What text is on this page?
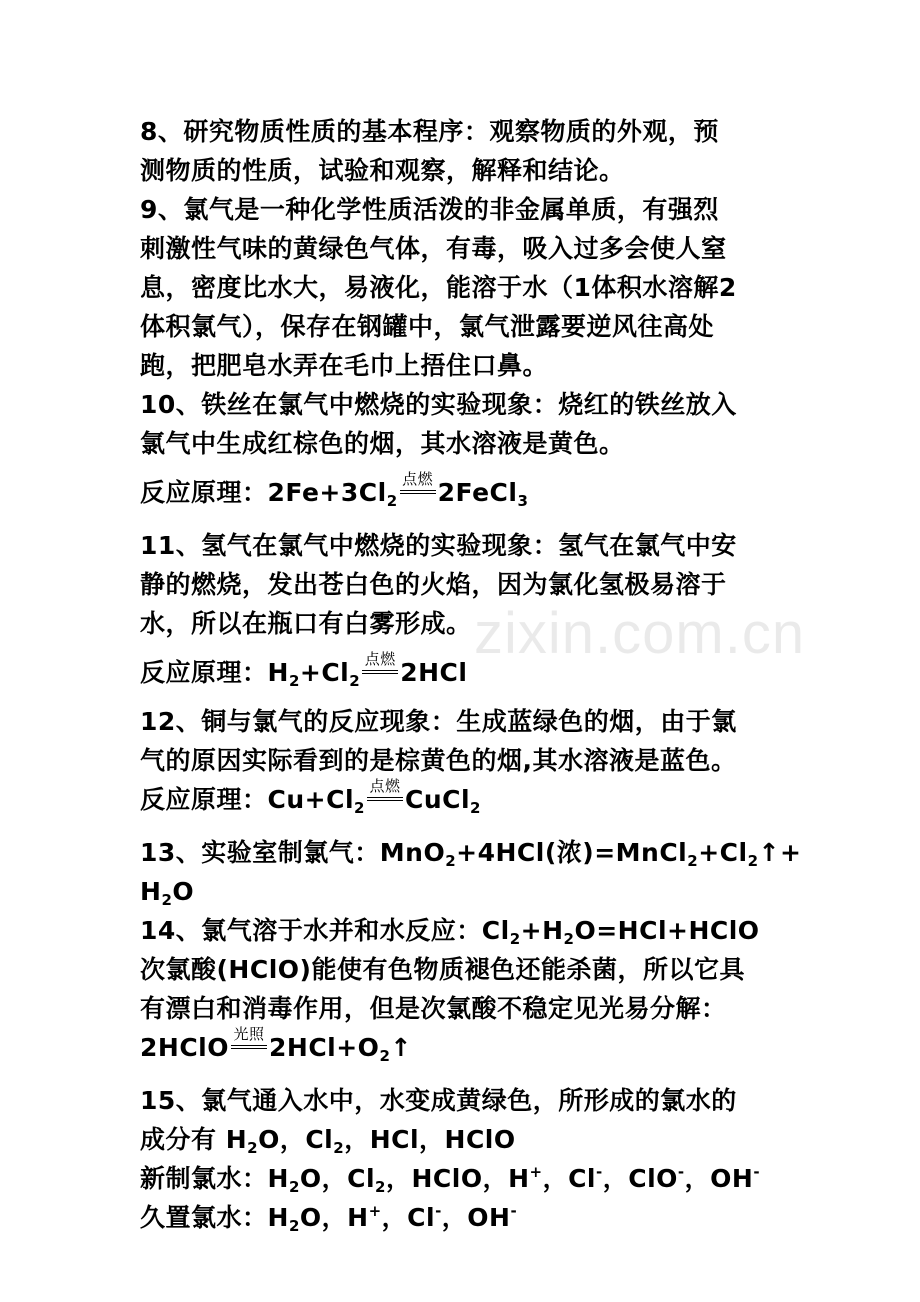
8、研究物质性质的基本程序：观察物质的外观，预
测物质的性质，试验和观察，解释和结论。
9、氯气是一种化学性质活泼的非金属单质，有强烈
刺激性气味的黄绿色气体，有毒，吸入过多会使人窒
息，密度比水大，易液化，能溶于水（1体积水溶解2
体积氯气），保存在钢罐中，氯气泄露要逆风往高处
跑，把肥皂水弄在毛巾上捂住口鼻。
10、铁丝在氯气中燃烧的实验现象：烧红的铁丝放入
氯气中生成红棕色的烟，其水溶液是黄色。
反应原理：$2Fe+3Cl_2$
点燃 2FeCl$_3$
11、氢气在氯气中燃烧的实验现象：氢气在氯气中安
静的燃烧，发出苍白色的火焰，因为氯化氢极易溶于
水，所以在瓶口有白雾形成。
反应原理：$H_2+Cl_2$
点燃 2HCl
12、铜与氯气的反应现象：生成蓝绿色的烟，由于氯
气的原因实际看到的是棕黄色的烟,其水溶液是蓝色。
反应原理：$Cu+Cl_2$
点燃 CuCl$_2$
13、实验室制氯气：MnO$_2$+4HCl(浓)$=MnCl_2+Cl_2↑+$
$H_2O$
14、氯气溶于水并和水反应：$Cl_2+H_2O=HCl+HClO$
次氯酸(HClO)能使有色物质褪色还能杀菌，所以它具
有漂白和消毒作用，但是次氯酸不稳定见光易分解：
2HClO 光照 $2HCl+O_2↑$
15、氯气通入水中，水变成黄绿色，所形成的氯水的
成分有 $H_2O$，$Cl_2$，HCl，HClO
新制氯水：$H_2O$，$Cl_2$，HClO，H+，Cl-，ClO-，OH-
久置氯水：$H_2O$，H+，Cl-，OH-
zixin.com.cn
